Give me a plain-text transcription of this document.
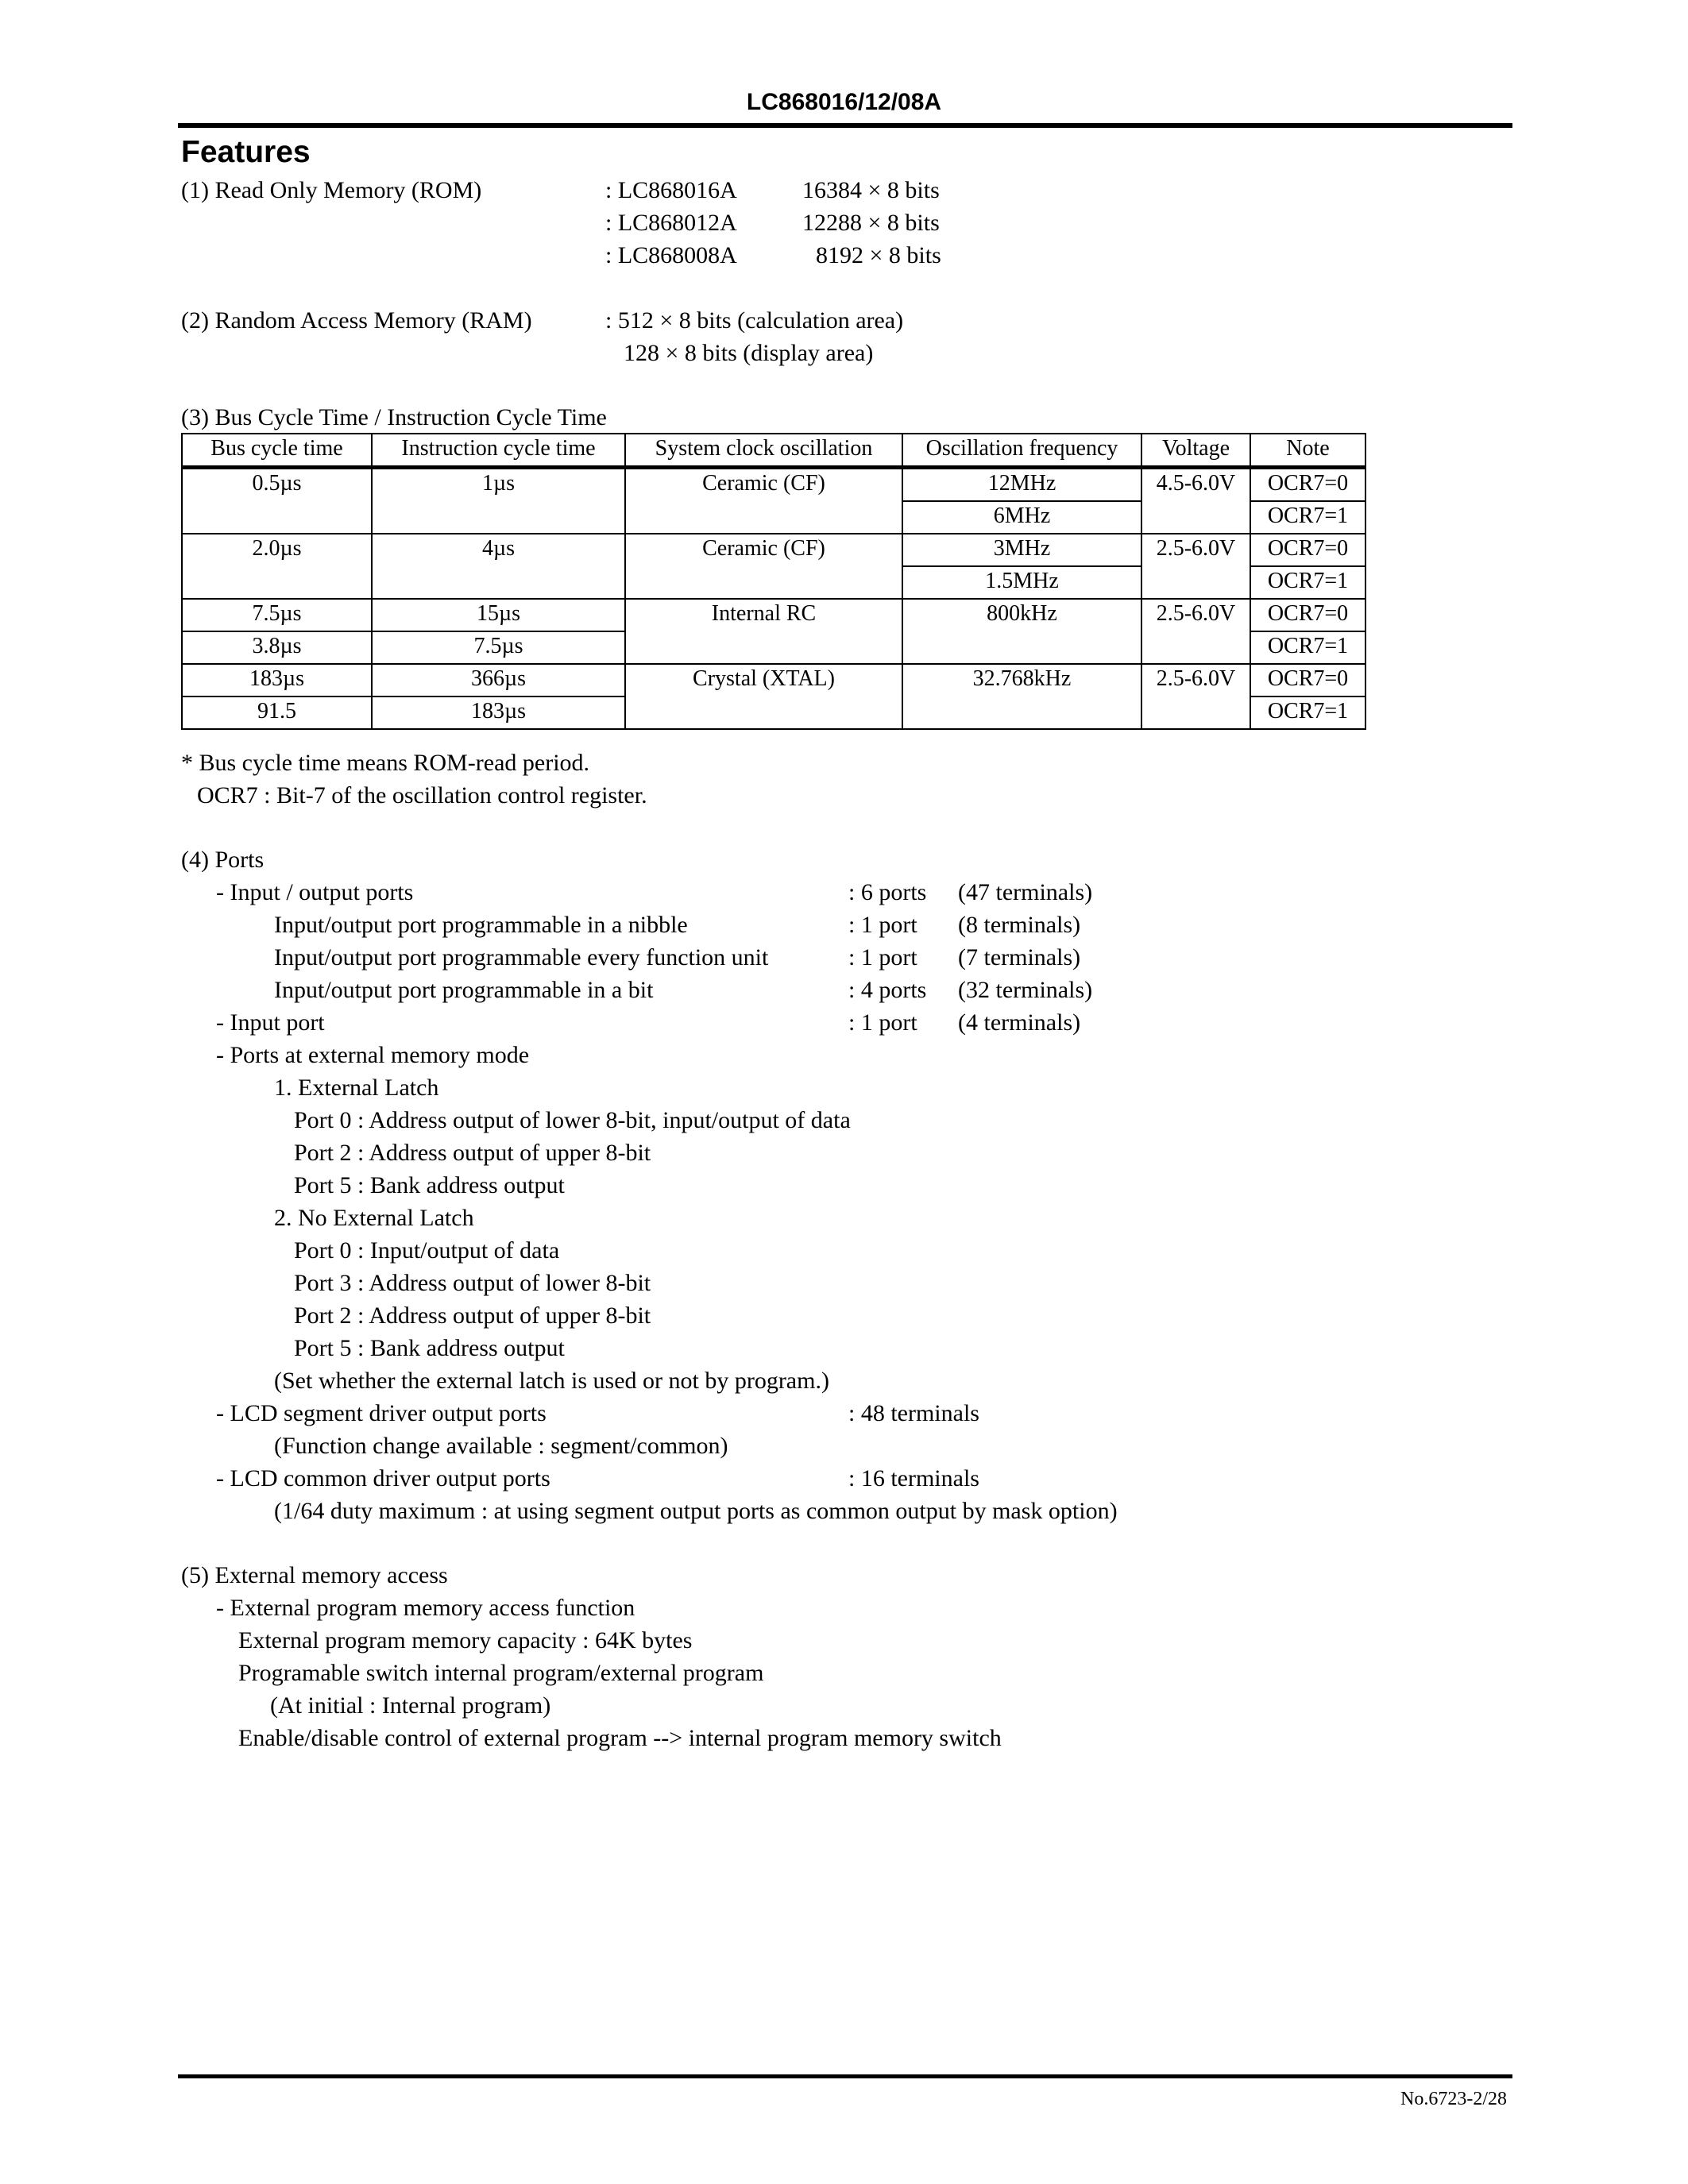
LC868016/12/08A
Features
(1) Read Only Memory (ROM)	: LC868016A	16384 × 8 bits
: LC868012A	12288 × 8 bits
: LC868008A	8192 × 8 bits
(2) Random Access Memory (RAM)	: 512 × 8 bits (calculation area)
128 × 8 bits (display area)
(3) Bus Cycle Time / Instruction Cycle Time
Bus cycle time	Instruction cycle time	System clock oscillation	Oscillation frequency	Voltage	Note
0.5µs	1µs	Ceramic (CF)	12MHz	4.5-6.0V	OCR7=0
			6MHz		OCR7=1
2.0µs	4µs	Ceramic (CF)	3MHz	2.5-6.0V	OCR7=0
			1.5MHz		OCR7=1
7.5µs	15µs	Internal RC	800kHz	2.5-6.0V	OCR7=0
3.8µs	7.5µs				OCR7=1
183µs	366µs	Crystal (XTAL)	32.768kHz	2.5-6.0V	OCR7=0
91.5	183µs				OCR7=1
* Bus cycle time means ROM-read period.
OCR7 : Bit-7 of the oscillation control register.
(4) Ports
- Input / output ports	: 6 ports (47 terminals)
Input/output port programmable in a nibble	: 1 port (8 terminals)
Input/output port programmable every function unit	: 1 port (7 terminals)
Input/output port programmable in a bit	: 4 ports (32 terminals)
- Input port	: 1 port (4 terminals)
- Ports at external memory mode
1. External Latch
Port 0 : Address output of lower 8-bit, input/output of data
Port 2 : Address output of upper 8-bit
Port 5 : Bank address output
2. No External Latch
Port 0 : Input/output of data
Port 3 : Address output of lower 8-bit
Port 2 : Address output of upper 8-bit
Port 5 : Bank address output
(Set whether the external latch is used or not by program.)
- LCD segment driver output ports	: 48 terminals
(Function change available : segment/common)
- LCD common driver output ports	: 16 terminals
(1/64 duty maximum : at using segment output ports as common output by mask option)
(5) External memory access
- External program memory access function
External program memory capacity : 64K bytes
Programable switch internal program/external program
(At initial : Internal program)
Enable/disable control of external program --> internal program memory switch
No.6723-2/28
